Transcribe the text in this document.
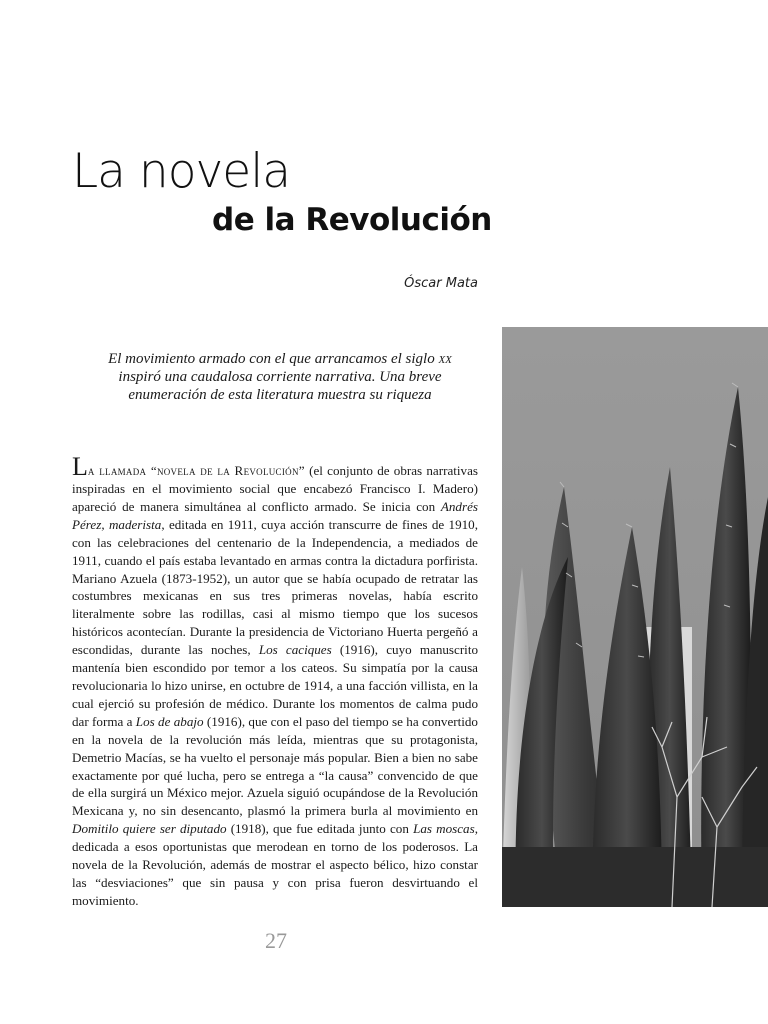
La novela
de la Revolución
Óscar Mata

El movimiento armado con el que arrancamos el siglo xx inspiró una caudalosa corriente narrativa. Una breve enumeración de esta literatura muestra su riqueza

La llamada “novela de la Revolución” (el conjunto de obras narrativas inspiradas en el movimiento social que encabezó Francisco I. Madero) apareció de manera simultánea al conflicto armado. Se inicia con Andrés Pérez, maderista, editada en 1911, cuya acción transcurre de fines de 1910, con las celebraciones del centenario de la Independencia, a mediados de 1911, cuando el país estaba levantado en armas contra la dictadura porfirista. Mariano Azuela (1873-1952), un autor que se había ocupado de retratar las costumbres mexicanas en sus tres primeras novelas, había escrito literalmente sobre las rodillas, casi al mismo tiempo que los sucesos históricos acontecían. Durante la presidencia de Victoriano Huerta pergeñó a escondidas, durante las noches, Los caciques (1916), cuyo manuscrito mantenía bien escondido por temor a los cateos. Su simpatía por la causa revolucionaria lo hizo unirse, en octubre de 1914, a una facción villista, en la cual ejerció su profesión de médico. Durante los momentos de calma pudo dar forma a Los de abajo (1916), que con el paso del tiempo se ha convertido en la novela de la revolución más leída, mientras que su protagonista, Demetrio Macías, se ha vuelto el personaje más popular. Bien a bien no sabe exactamente por qué lucha, pero se entrega a “la causa” convencido de que de ella surgirá un México mejor. Azuela siguió ocupándose de la Revolución Mexicana y, no sin desencanto, plasmó la primera burla al movimiento en Domitilo quiere ser diputado (1918), que fue editada junto con Las moscas, dedicada a esos oportunistas que merodean en torno de los poderosos. La novela de la Revolución, además de mostrar el aspecto bélico, hizo constar las “desviaciones” que sin pausa y con prisa fueron desvirtuando el movimiento.

27
